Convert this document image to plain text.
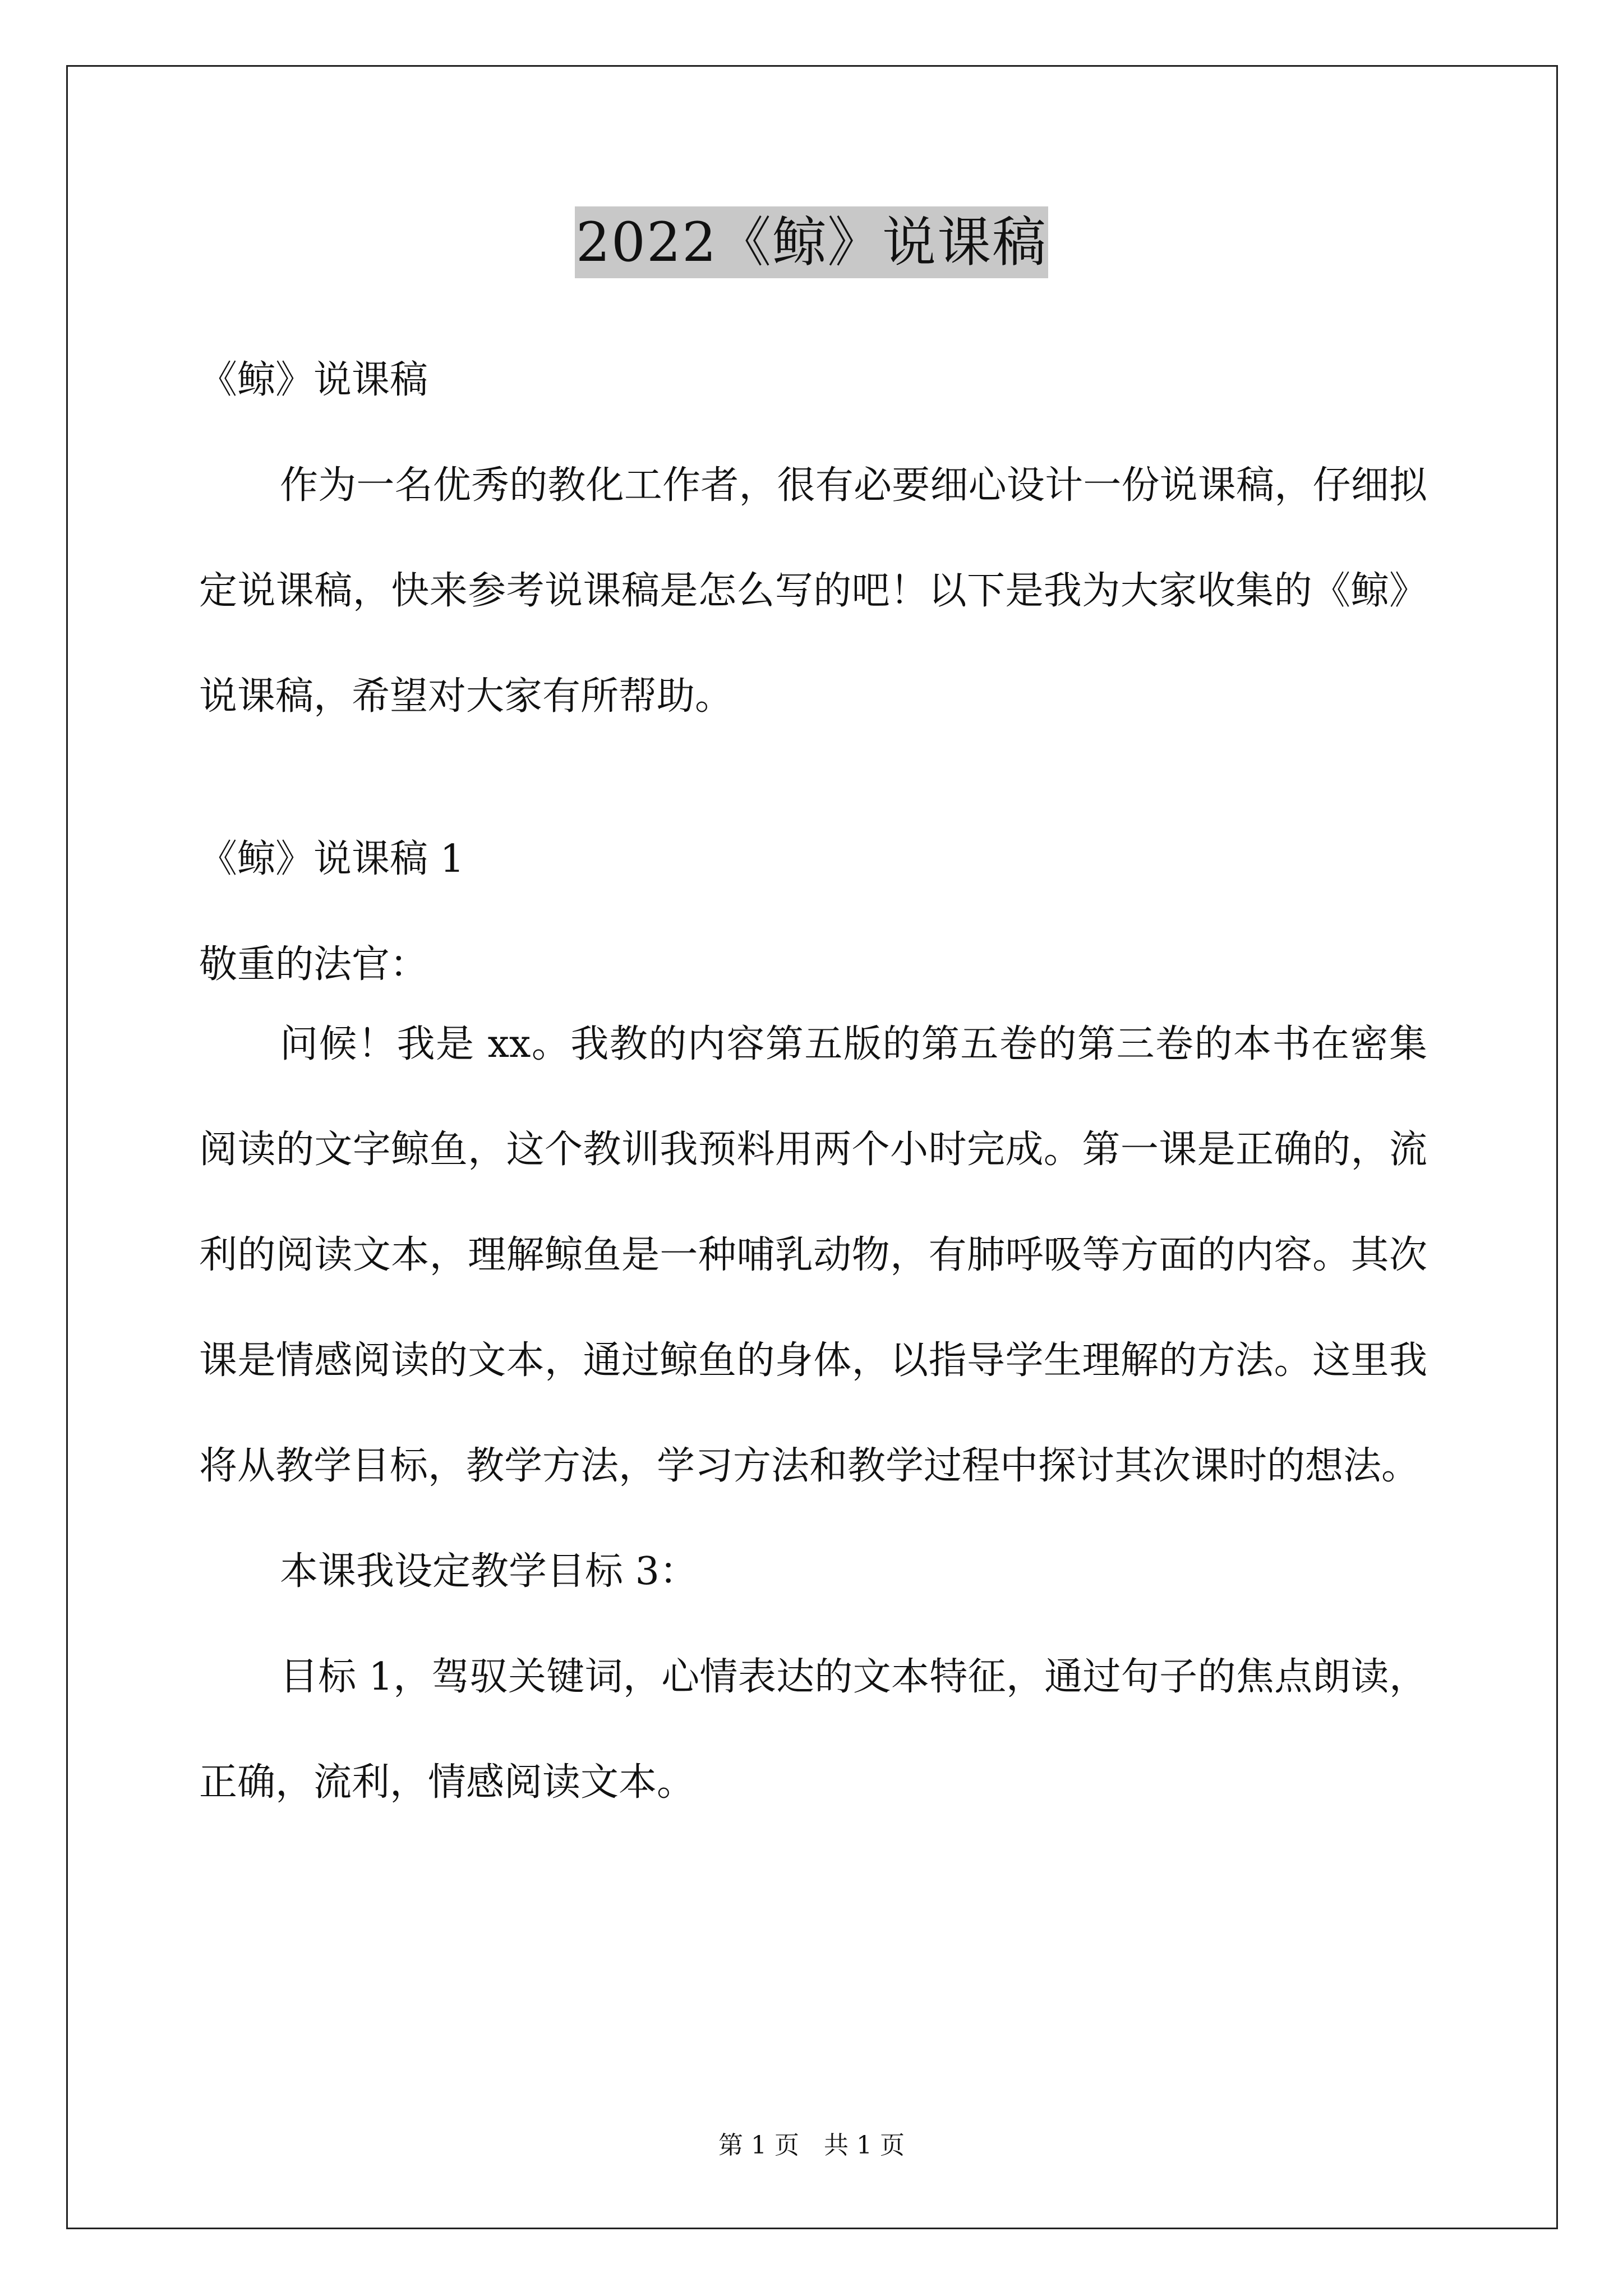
2022《鲸》说课稿

《鲸》说课稿

作为一名优秀的教化工作者，很有必要细心设计一份说课稿，仔细拟定说课稿，快来参考说课稿是怎么写的吧！以下是我为大家收集的《鲸》说课稿，希望对大家有所帮助。

《鲸》说课稿 1

敬重的法官：

问候！我是 xx。我教的内容第五版的第五卷的第三卷的本书在密集阅读的文字鲸鱼，这个教训我预料用两个小时完成。第一课是正确的，流利的阅读文本，理解鲸鱼是一种哺乳动物，有肺呼吸等方面的内容。其次课是情感阅读的文本，通过鲸鱼的身体，以指导学生理解的方法。这里我将从教学目标，教学方法，学习方法和教学过程中探讨其次课时的想法。

本课我设定教学目标 3：

目标 1，驾驭关键词，心情表达的文本特征，通过句子的焦点朗读，正确，流利，情感阅读文本。

第 1 页　共 1 页
